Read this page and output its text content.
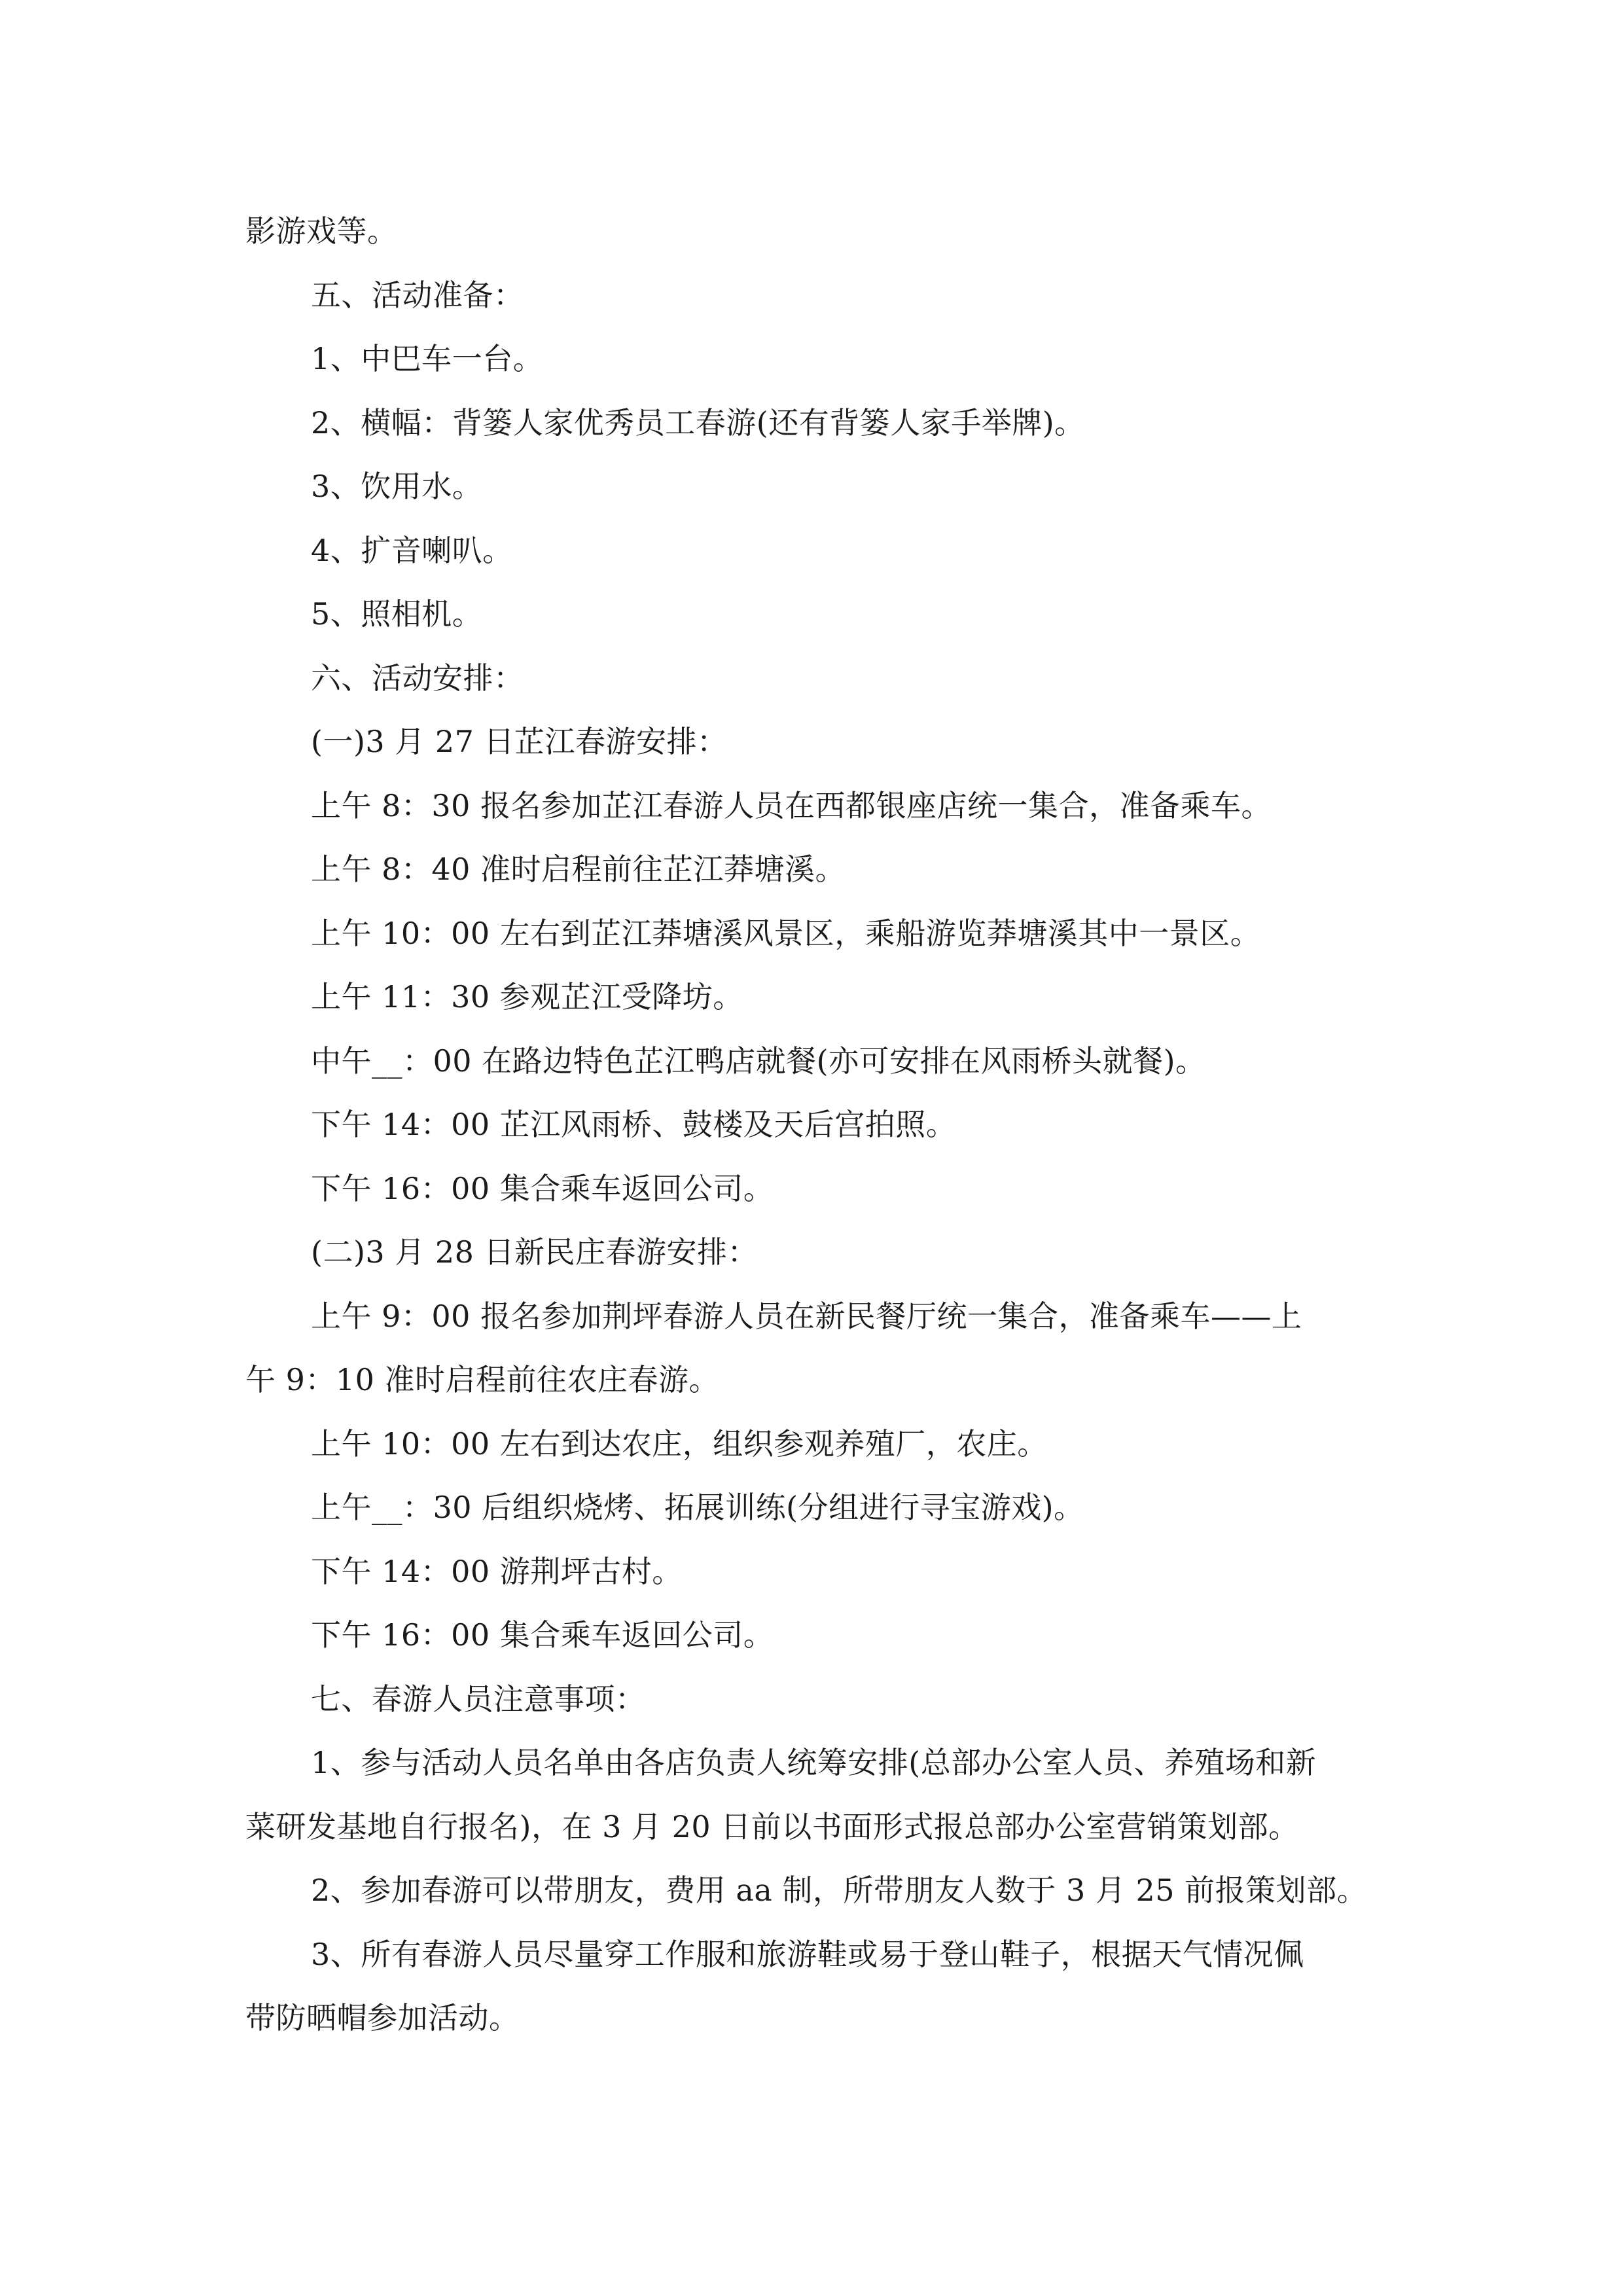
影游戏等。

五、活动准备：

1、中巴车一台。

2、横幅：背篓人家优秀员工春游(还有背篓人家手举牌)。

3、饮用水。

4、扩音喇叭。

5、照相机。

六、活动安排：

(一)3 月 27 日芷江春游安排：

上午 8：30 报名参加芷江春游人员在西都银座店统一集合，准备乘车。

上午 8：40 准时启程前往芷江莽塘溪。

上午 10：00 左右到芷江莽塘溪风景区，乘船游览莽塘溪其中一景区。

上午 11：30 参观芷江受降坊。

中午__：00 在路边特色芷江鸭店就餐(亦可安排在风雨桥头就餐)。

下午 14：00 芷江风雨桥、鼓楼及天后宫拍照。

下午 16：00 集合乘车返回公司。

(二)3 月 28 日新民庄春游安排：

上午 9：00 报名参加荆坪春游人员在新民餐厅统一集合，准备乘车——上

午 9：10 准时启程前往农庄春游。

上午 10：00 左右到达农庄，组织参观养殖厂，农庄。

上午__：30 后组织烧烤、拓展训练(分组进行寻宝游戏)。

下午 14：00 游荆坪古村。

下午 16：00 集合乘车返回公司。

七、春游人员注意事项：

1、参与活动人员名单由各店负责人统筹安排(总部办公室人员、养殖场和新

菜研发基地自行报名)，在 3 月 20 日前以书面形式报总部办公室营销策划部。

2、参加春游可以带朋友，费用 aa 制，所带朋友人数于 3 月 25 前报策划部。

3、所有春游人员尽量穿工作服和旅游鞋或易于登山鞋子，根据天气情况佩

带防晒帽参加活动。
